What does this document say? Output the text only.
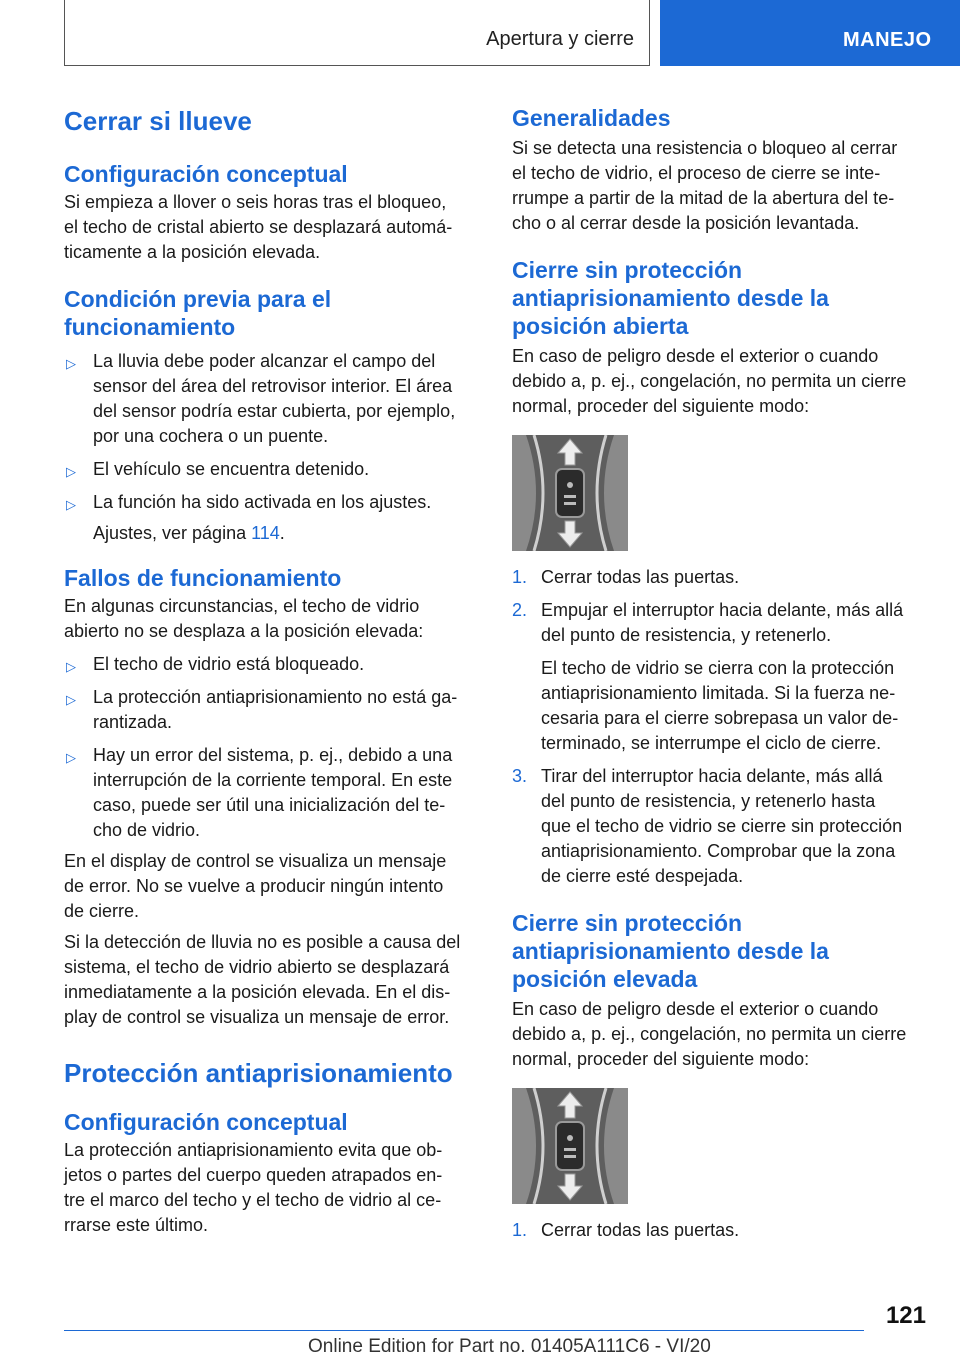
Apertura y cierre	MANEJO
Cerrar si llueve
Configuración conceptual
Si empieza a llover o seis horas tras el bloqueo,
el techo de cristal abierto se desplazará automá-
ticamente a la posición elevada.
Condición previa para el
funcionamiento
▷ La lluvia debe poder alcanzar el campo del
sensor del área del retrovisor interior. El área
del sensor podría estar cubierta, por ejemplo,
por una cochera o un puente.
▷ El vehículo se encuentra detenido.
▷ La función ha sido activada en los ajustes.
Ajustes, ver página 114.
Fallos de funcionamiento
En algunas circunstancias, el techo de vidrio
abierto no se desplaza a la posición elevada:
▷ El techo de vidrio está bloqueado.
▷ La protección antiaprisionamiento no está ga-
rantizada.
▷ Hay un error del sistema, p. ej., debido a una
interrupción de la corriente temporal. En este
caso, puede ser útil una inicialización del te-
cho de vidrio.
En el display de control se visualiza un mensaje
de error. No se vuelve a producir ningún intento
de cierre.
Si la detección de lluvia no es posible a causa del
sistema, el techo de vidrio abierto se desplazará
inmediatamente a la posición elevada. En el dis-
play de control se visualiza un mensaje de error.
Protección antiaprisionamiento
Configuración conceptual
La protección antiaprisionamiento evita que ob-
jetos o partes del cuerpo queden atrapados en-
tre el marco del techo y el techo de vidrio al ce-
rrarse este último.
Generalidades
Si se detecta una resistencia o bloqueo al cerrar
el techo de vidrio, el proceso de cierre se inte-
rrumpe a partir de la mitad de la abertura del te-
cho o al cerrar desde la posición levantada.
Cierre sin protección
antiaprisionamiento desde la
posición abierta
En caso de peligro desde el exterior o cuando
debido a, p. ej., congelación, no permita un cierre
normal, proceder del siguiente modo:
1. Cerrar todas las puertas.
2. Empujar el interruptor hacia delante, más allá
del punto de resistencia, y retenerlo.
El techo de vidrio se cierra con la protección
antiaprisionamiento limitada. Si la fuerza ne-
cesaria para el cierre sobrepasa un valor de-
terminado, se interrumpe el ciclo de cierre.
3. Tirar del interruptor hacia delante, más allá
del punto de resistencia, y retenerlo hasta
que el techo de vidrio se cierre sin protección
antiaprisionamiento. Comprobar que la zona
de cierre esté despejada.
Cierre sin protección
antiaprisionamiento desde la
posición elevada
En caso de peligro desde el exterior o cuando
debido a, p. ej., congelación, no permita un cierre
normal, proceder del siguiente modo:
1. Cerrar todas las puertas.
121
Online Edition for Part no. 01405A111C6 - VI/20
